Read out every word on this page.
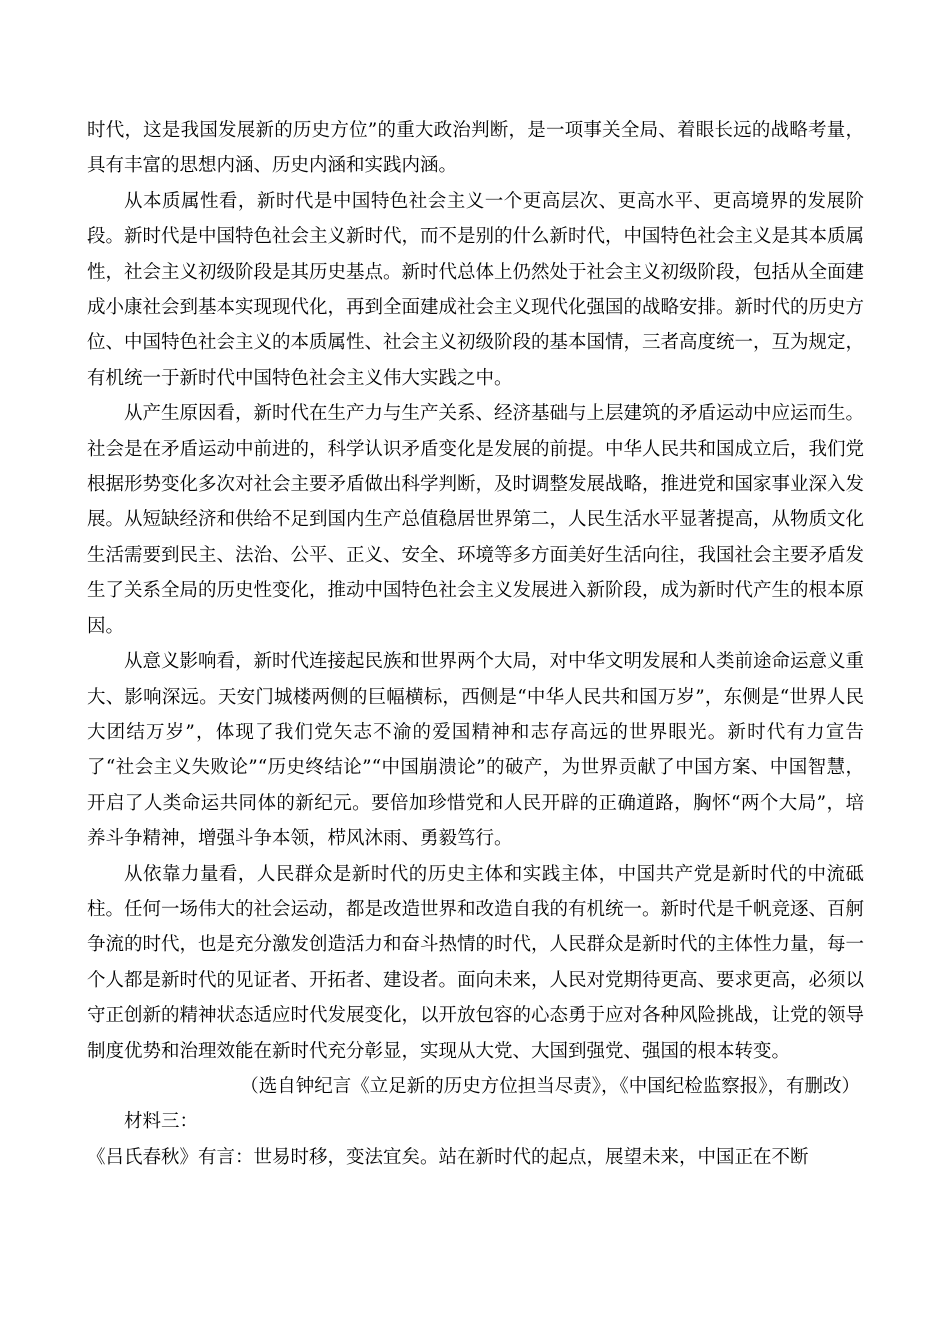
时代，这是我国发展新的历史方位”的重大政治判断，是一项事关全局、着眼长远的战略考量，具有丰富的思想内涵、历史内涵和实践内涵。

从本质属性看，新时代是中国特色社会主义一个更高层次、更高水平、更高境界的发展阶段。新时代是中国特色社会主义新时代，而不是别的什么新时代，中国特色社会主义是其本质属性，社会主义初级阶段是其历史基点。新时代总体上仍然处于社会主义初级阶段，包括从全面建成小康社会到基本实现现代化，再到全面建成社会主义现代化强国的战略安排。新时代的历史方位、中国特色社会主义的本质属性、社会主义初级阶段的基本国情，三者高度统一，互为规定，有机统一于新时代中国特色社会主义伟大实践之中。

从产生原因看，新时代在生产力与生产关系、经济基础与上层建筑的矛盾运动中应运而生。社会是在矛盾运动中前进的，科学认识矛盾变化是发展的前提。中华人民共和国成立后，我们党根据形势变化多次对社会主要矛盾做出科学判断，及时调整发展战略，推进党和国家事业深入发展。从短缺经济和供给不足到国内生产总值稳居世界第二，人民生活水平显著提高，从物质文化生活需要到民主、法治、公平、正义、安全、环境等多方面美好生活向往，我国社会主要矛盾发生了关系全局的历史性变化，推动中国特色社会主义发展进入新阶段，成为新时代产生的根本原因。

从意义影响看，新时代连接起民族和世界两个大局，对中华文明发展和人类前途命运意义重大、影响深远。天安门城楼两侧的巨幅横标，西侧是“中华人民共和国万岁”，东侧是“世界人民大团结万岁”，体现了我们党矢志不渝的爱国精神和志存高远的世界眼光。新时代有力宣告了“社会主义失败论”“历史终结论”“中国崩溃论”的破产，为世界贡献了中国方案、中国智慧，开启了人类命运共同体的新纪元。要倍加珍惜党和人民开辟的正确道路，胸怀“两个大局”，培养斗争精神，增强斗争本领，栉风沐雨、勇毅笃行。

从依靠力量看，人民群众是新时代的历史主体和实践主体，中国共产党是新时代的中流砥柱。任何一场伟大的社会运动，都是改造世界和改造自我的有机统一。新时代是千帆竞逐、百舸争流的时代，也是充分激发创造活力和奋斗热情的时代，人民群众是新时代的主体性力量，每一个人都是新时代的见证者、开拓者、建设者。面向未来，人民对党期待更高、要求更高，必须以守正创新的精神状态适应时代发展变化，以开放包容的心态勇于应对各种风险挑战，让党的领导制度优势和治理效能在新时代充分彰显，实现从大党、大国到强党、强国的根本转变。

（选自钟纪言《立足新的历史方位担当尽责》，《中国纪检监察报》，有删改）

材料三：

《吕氏春秋》有言：世易时移，变法宜矣。站在新时代的起点，展望未来，中国正在不断
